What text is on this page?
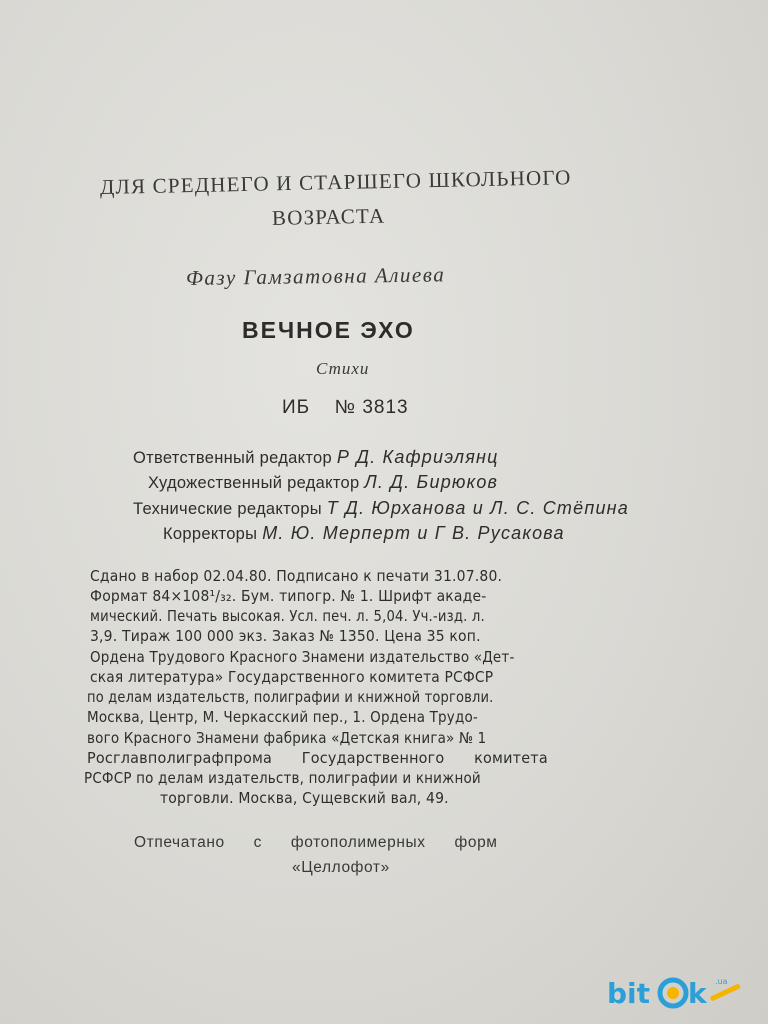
ДЛЯ СРЕДНЕГО И СТАРШЕГО ШКОЛЬНОГО
ВОЗРАСТА
Фазу Гамзатовна Алиева
ВЕЧНОЕ ЭХО
Стихи
ИБ № 3813
Ответственный редактор Р Д. Кафриэлянц
Художественный редактор Л. Д. Бирюков
Технические редакторы Т Д. Юрханова и Л. С. Стёпина
Корректоры М. Ю. Мерперт и Г В. Русакова
Сдано в набор 02.04.80. Подписано к печати 31.07.80.
Формат 84×108¹/₃₂. Бум. типогр. № 1. Шрифт акаде-
мический. Печать высокая. Усл. печ. л. 5,04. Уч.-изд. л.
3,9. Тираж 100 000 экз. Заказ № 1350. Цена 35 коп.
Ордена Трудового Красного Знамени издательство «Дет-
ская литература» Государственного комитета РСФСР
по делам издательств, полиграфии и книжной торговли.
Москва, Центр, М. Черкасский пер., 1. Ордена Трудо-
вого Красного Знамени фабрика «Детская книга» № 1
Росглавполиграфпрома Государственного комитета
РСФСР по делам издательств, полиграфии и книжной
торговли. Москва, Сущевский вал, 49.
Отпечатано с фотополимерных форм
«Целлофот»
bit k .ua
